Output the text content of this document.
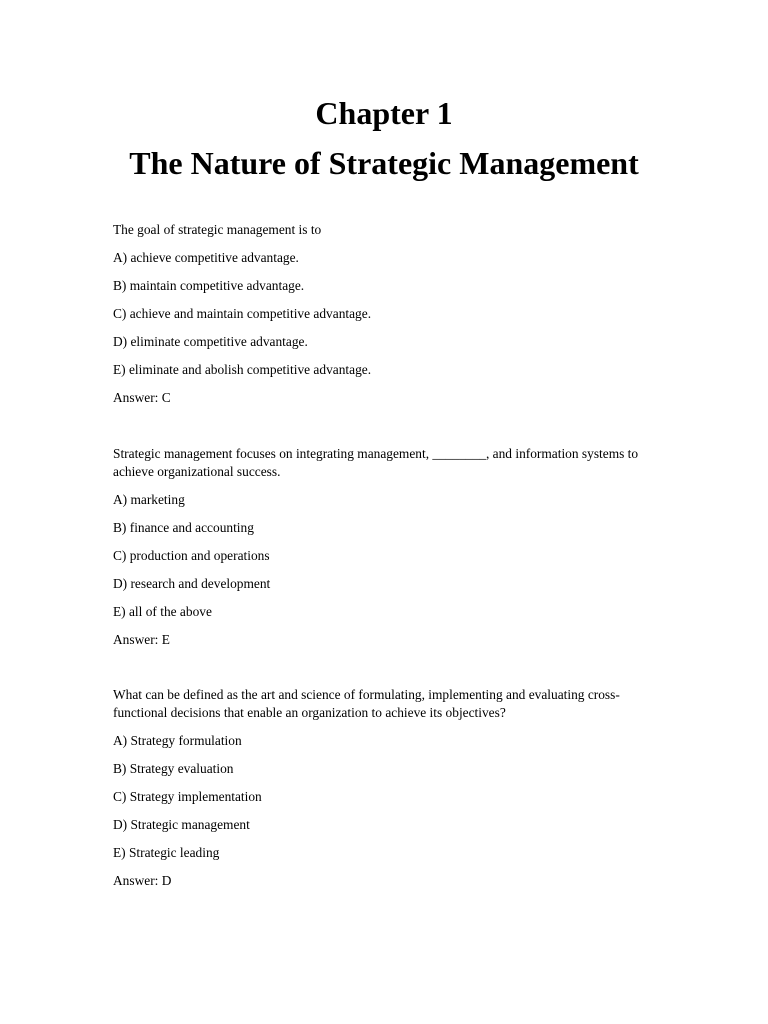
Chapter 1
The Nature of Strategic Management
The goal of strategic management is to
A) achieve competitive advantage.
B) maintain competitive advantage.
C) achieve and maintain competitive advantage.
D) eliminate competitive advantage.
E) eliminate and abolish competitive advantage.
Answer: C
Strategic management focuses on integrating management, ________, and information systems to achieve organizational success.
A) marketing
B) finance and accounting
C) production and operations
D) research and development
E) all of the above
Answer: E
What can be defined as the art and science of formulating, implementing and evaluating cross-functional decisions that enable an organization to achieve its objectives?
A) Strategy formulation
B) Strategy evaluation
C) Strategy implementation
D) Strategic management
E) Strategic leading
Answer: D
